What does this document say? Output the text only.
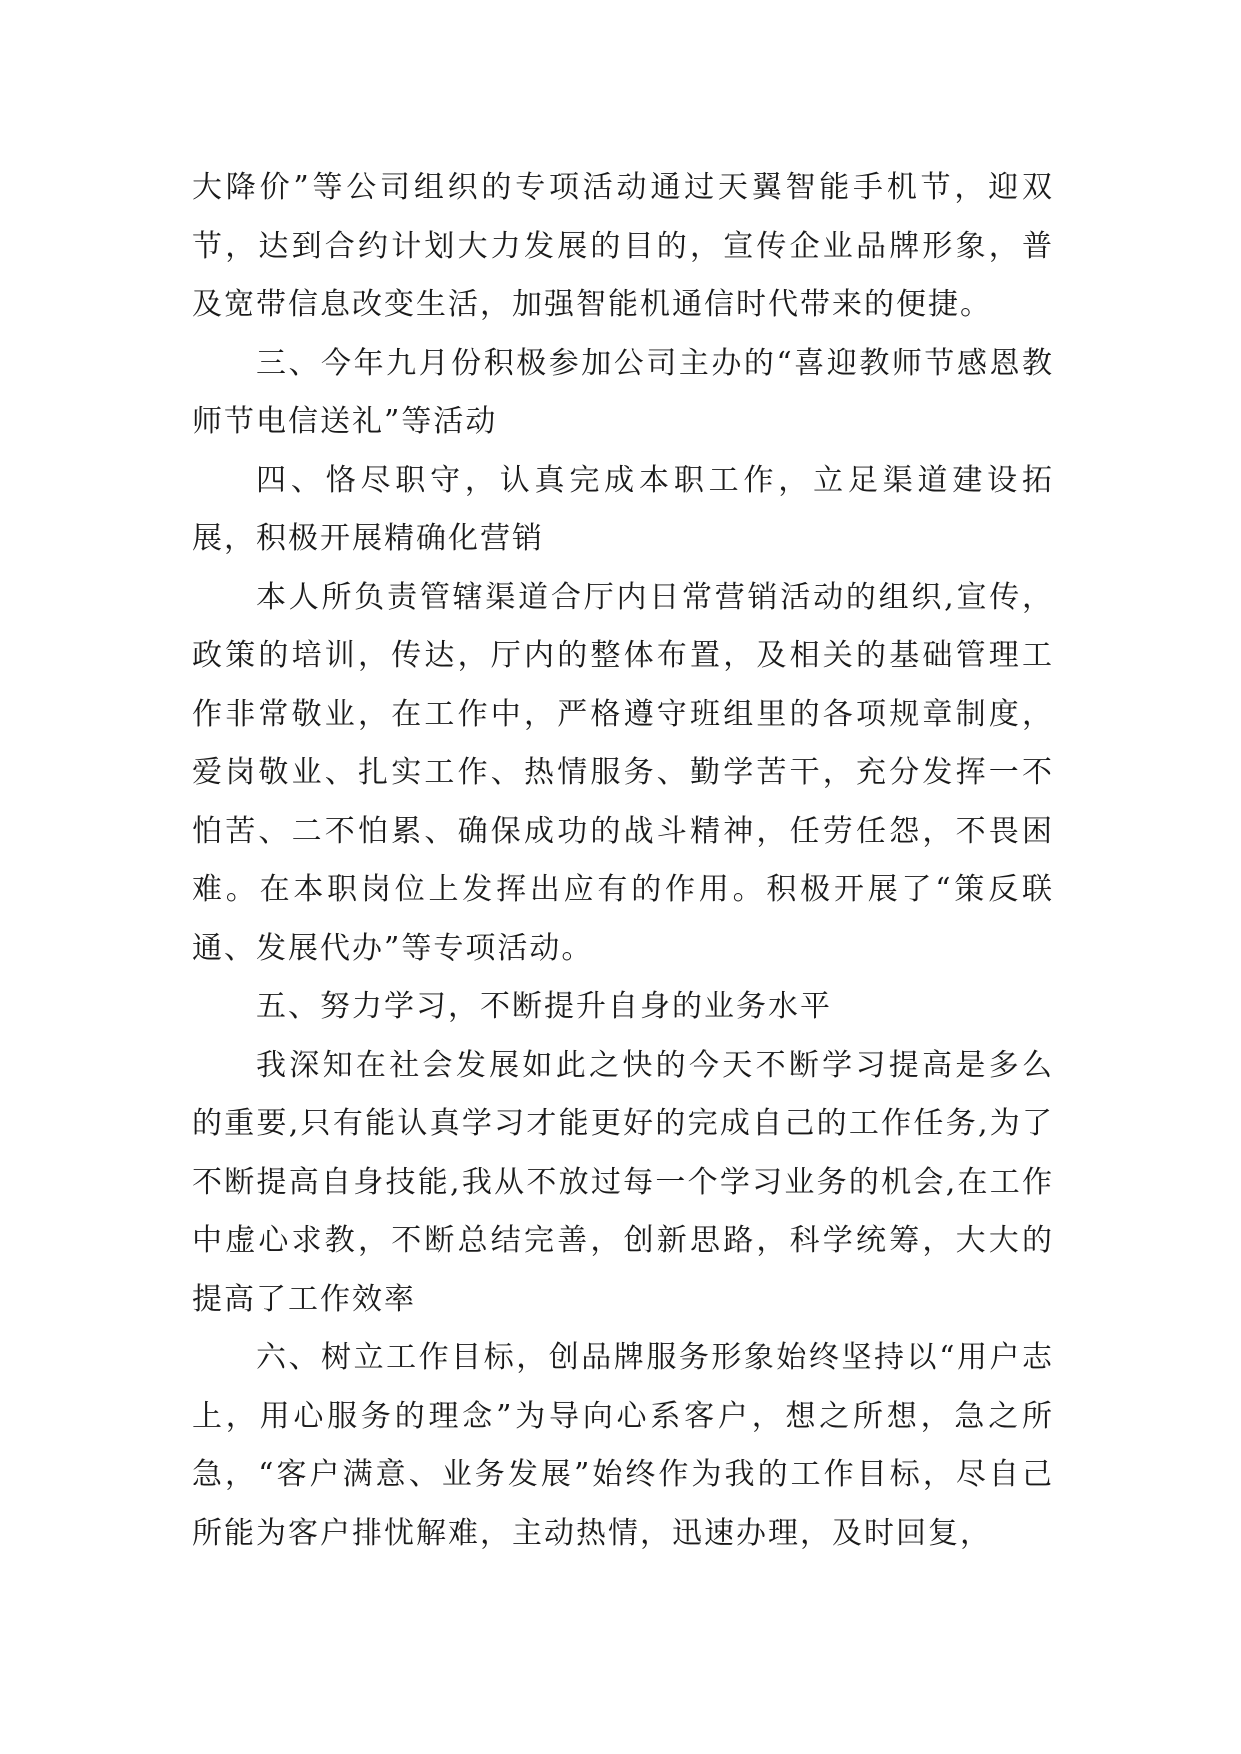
大降价”等公司组织的专项活动通过天翼智能手机节，迎双节，达到合约计划大力发展的目的，宣传企业品牌形象，普及宽带信息改变生活，加强智能机通信时代带来的便捷。

三、今年九月份积极参加公司主办的“喜迎教师节感恩教师节电信送礼”等活动

四、恪尽职守，认真完成本职工作，立足渠道建设拓展，积极开展精确化营销

本人所负责管辖渠道合厅内日常营销活动的组织,宣传，政策的培训，传达，厅内的整体布置，及相关的基础管理工作非常敬业，在工作中，严格遵守班组里的各项规章制度，爱岗敬业、扎实工作、热情服务、勤学苦干，充分发挥一不怕苦、二不怕累、确保成功的战斗精神，任劳任怨，不畏困难。在本职岗位上发挥出应有的作用。积极开展了“策反联通、发展代办”等专项活动。

五、努力学习，不断提升自身的业务水平

我深知在社会发展如此之快的今天不断学习提高是多么的重要,只有能认真学习才能更好的完成自己的工作任务,为了不断提高自身技能,我从不放过每一个学习业务的机会,在工作中虚心求教，不断总结完善，创新思路，科学统筹，大大的提高了工作效率

六、树立工作目标，创品牌服务形象始终坚持以“用户志上，用心服务的理念”为导向心系客户，想之所想，急之所急，“客户满意、业务发展”始终作为我的工作目标，尽自己所能为客户排忧解难，主动热情，迅速办理，及时回复，
